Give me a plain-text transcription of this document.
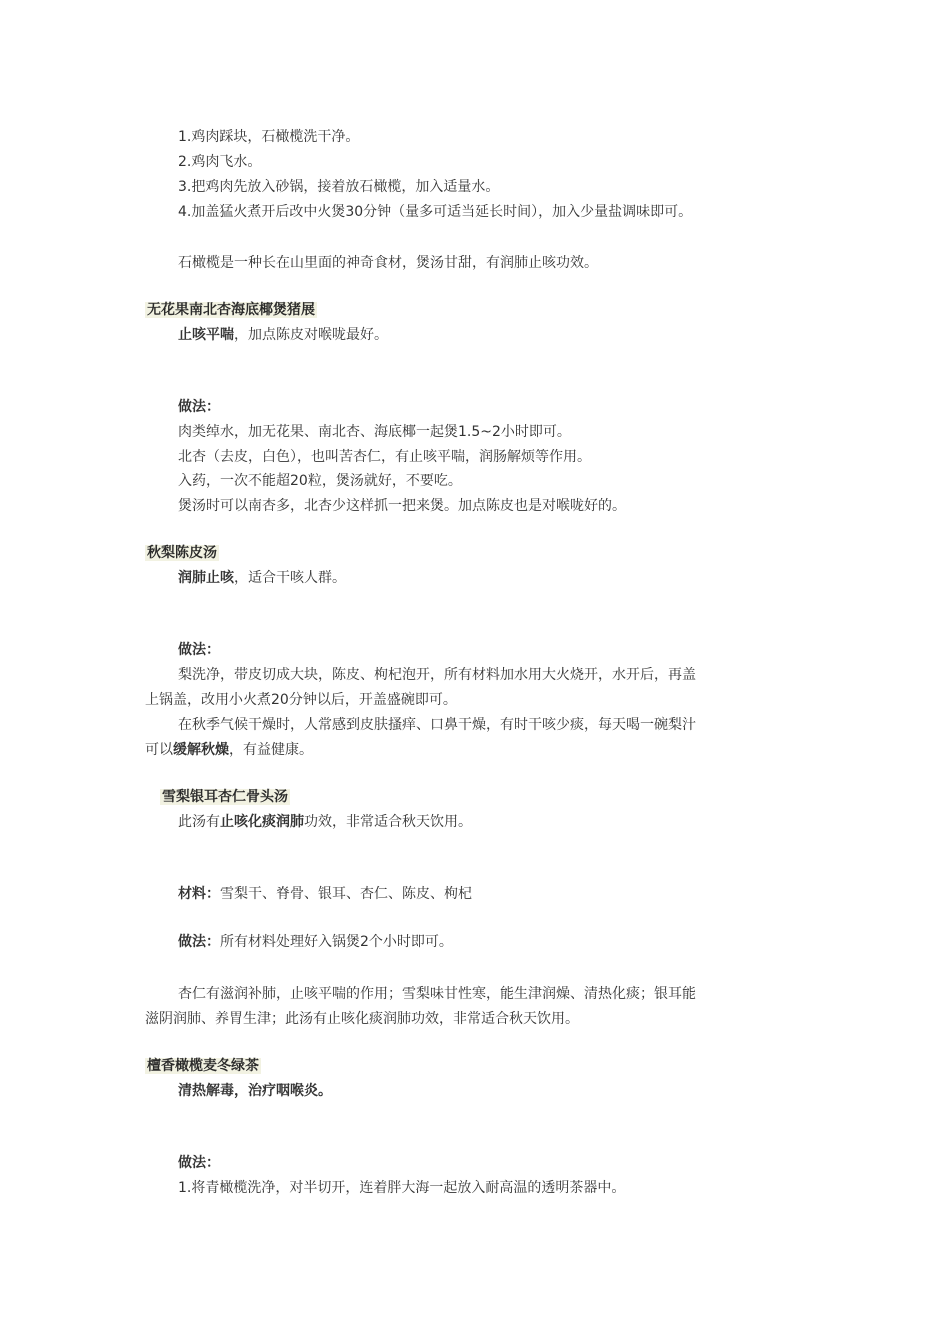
1.鸡肉踩块，石橄榄洗干净。
2.鸡肉飞水。
3.把鸡肉先放入砂锅，接着放石橄榄，加入适量水。
4.加盖猛火煮开后改中火煲30分钟（量多可适当延长时间），加入少量盐调味即可。
石橄榄是一种长在山里面的神奇食材，煲汤甘甜，有润肺止咳功效。
无花果南北杏海底椰煲猪展
止咳平喘，加点陈皮对喉咙最好。
做法：
肉类绰水，加无花果、南北杏、海底椰一起煲1.5~2小时即可。
北杏（去皮，白色），也叫苦杏仁，有止咳平喘，润肠解烦等作用。
入药，一次不能超20粒，煲汤就好，不要吃。
煲汤时可以南杏多，北杏少这样抓一把来煲。加点陈皮也是对喉咙好的。
秋梨陈皮汤
润肺止咳，适合干咳人群。
做法：
梨洗净，带皮切成大块，陈皮、枸杞泡开，所有材料加水用大火烧开，水开后，再盖
上锅盖，改用小火煮20分钟以后，开盖盛碗即可。
在秋季气候干燥时，人常感到皮肤搔痒、口鼻干燥，有时干咳少痰，每天喝一碗梨汁
可以缓解秋燥，有益健康。
雪梨银耳杏仁骨头汤
此汤有止咳化痰润肺功效，非常适合秋天饮用。
材料：雪梨干、脊骨、银耳、杏仁、陈皮、枸杞
做法：所有材料处理好入锅煲2个小时即可。
杏仁有滋润补肺，止咳平喘的作用；雪梨味甘性寒，能生津润燥、清热化痰；银耳能
滋阴润肺、养胃生津；此汤有止咳化痰润肺功效，非常适合秋天饮用。
檀香橄榄麦冬绿茶
清热解毒，治疗咽喉炎。
做法：
1.将青橄榄洗净，对半切开，连着胖大海一起放入耐高温的透明茶器中。
